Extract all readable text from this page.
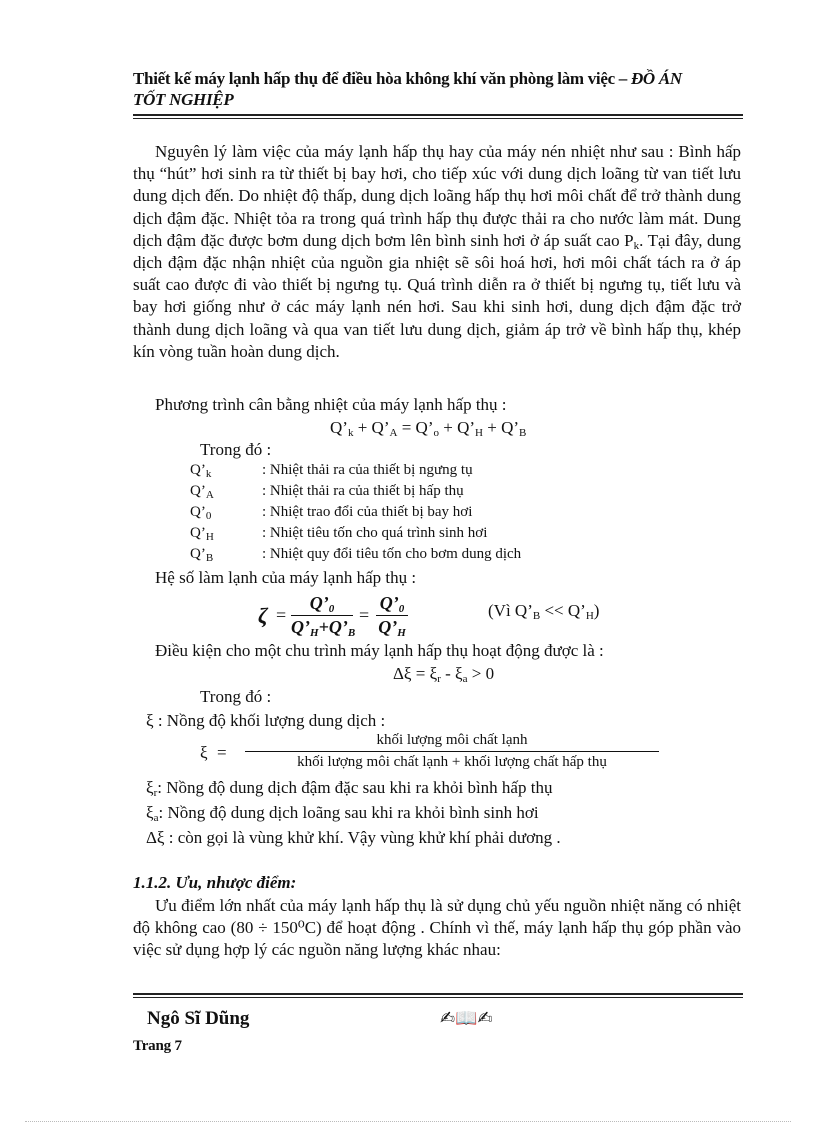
Thiết kế máy lạnh hấp thụ để điều hòa không khí văn phòng làm việc – ĐỒ ÁN
TỐT NGHIỆP
Nguyên lý làm việc của máy lạnh hấp thụ hay của máy nén nhiệt như sau : Bình hấp thụ “hút” hơi sinh ra từ thiết bị bay hơi, cho tiếp xúc với dung dịch loãng từ van tiết lưu dung dịch đến. Do nhiệt độ thấp, dung dịch loãng hấp thụ hơi môi chất để trở thành dung dịch đậm đặc. Nhiệt tỏa ra trong quá trình hấp thụ được thải ra cho nước làm mát. Dung dịch đậm đặc được bơm dung dịch bơm lên bình sinh hơi ở áp suất cao $P_k$. Tại đây, dung dịch đậm đặc nhận nhiệt của nguồn gia nhiệt sẽ sôi hoá hơi, hơi môi chất tách ra ở áp suất cao được đi vào thiết bị ngưng tụ. Quá trình diễn ra ở thiết bị ngưng tụ, tiết lưu và bay hơi giống như ở các máy lạnh nén hơi. Sau khi sinh hơi, dung dịch đậm đặc trở thành dung dịch loãng và qua van tiết lưu dung dịch, giảm áp trở về bình hấp thụ, khép kín vòng tuần hoàn dung dịch.
Phương trình cân bằng nhiệt của máy lạnh hấp thụ :
$Q’_k$ + $Q’_A$ = $Q’_o$ + $Q’_H$ + $Q’_B$
Trong đó :
$Q’_k$	: Nhiệt thải ra của thiết bị ngưng tụ
$Q’_A$	: Nhiệt thải ra của thiết bị hấp thụ
$Q’_0$	: Nhiệt trao đổi của thiết bị bay hơi
$Q’_H$	: Nhiệt tiêu tốn cho quá trình sinh hơi
$Q’_B$	: Nhiệt quy đổi tiêu tốn cho bơm dung dịch
Hệ số làm lạnh của máy lạnh hấp thụ :
ζ =
$Q’_0$
$Q’_H+Q’_B$
=
$Q’_0$
$Q’_H$
(Vì $Q’_B$ << $Q’_H$)
Điều kiện cho một chu trình máy lạnh hấp thụ hoạt động được là :
$\Delta\xi = \xi_r - \xi_a > 0$
Trong đó :
ξ : Nồng độ khối lượng dung dịch :
ξ =
khối lượng môi chất lạnh
khối lượng môi chất lạnh + khối lượng chất hấp thụ
$\xi_r$: Nồng độ dung dịch đậm đặc sau khi ra khỏi bình hấp thụ
$\xi_a$: Nồng độ dung dịch loãng sau khi ra khỏi bình sinh hơi
Δξ : còn gọi là vùng khử khí. Vậy vùng khử khí phải dương .
1.1.2. Ưu, nhược điểm:
Ưu điểm lớn nhất của máy lạnh hấp thụ là sử dụng chủ yếu nguồn nhiệt năng có nhiệt độ không cao (80 ÷ 150⁰C) để hoạt động . Chính vì thế, máy lạnh hấp thụ góp phần vào việc sử dụng hợp lý các nguồn năng lượng khác nhau:
Ngô Sĩ Dũng	✍📖✍
Trang 7
